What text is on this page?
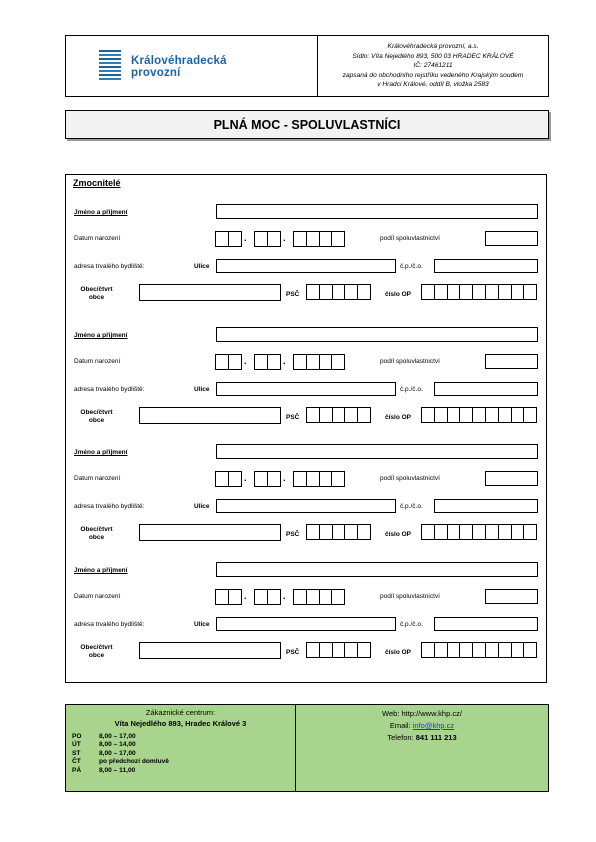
Královéhradecká
provozní
Královéhradecká provozní, a.s.
Sídlo: Víta Nejedlého 893, 500 03 HRADEC KRÁLOVÉ
IČ: 27461211
zapsaná do obchodního rejstříku vedeného Krajským soudem
v Hradci Králové, oddíl B, vložka 2583
PLNÁ MOC - SPOLUVLASTNÍCI
Zmocnitelé
Jméno a příjmení
Datum narození	.	.	podíl spoluvlastnictví
adresa trvalého bydliště:	Ulice	č.p./č.o.
Obec/čtvrt
obce	PSČ	číslo OP
Jméno a příjmení
Datum narození	.	.	podíl spoluvlastnictví
adresa trvalého bydliště:	Ulice	č.p./č.o.
Obec/čtvrt
obce	PSČ	číslo OP
Jméno a příjmení
Datum narození	.	.	podíl spoluvlastnictví
adresa trvalého bydliště:	Ulice	č.p./č.o.
Obec/čtvrt
obce	PSČ	číslo OP
Jméno a příjmení
Datum narození	.	.	podíl spoluvlastnictví
adresa trvalého bydliště:	Ulice	č.p./č.o.
Obec/čtvrt
obce	PSČ	číslo OP
Zákaznické centrum:
Víta Nejedlého 893, Hradec Králové 3
PO	8,00 – 17,00
ÚT	8,00 – 14,00
ST	8,00 – 17,00
ČT	po předchozí domluvě
PÁ	8,00 – 11,00
Web: http://www.khp.cz/
Email: info@khp.cz
Telefon: 841 111 213
